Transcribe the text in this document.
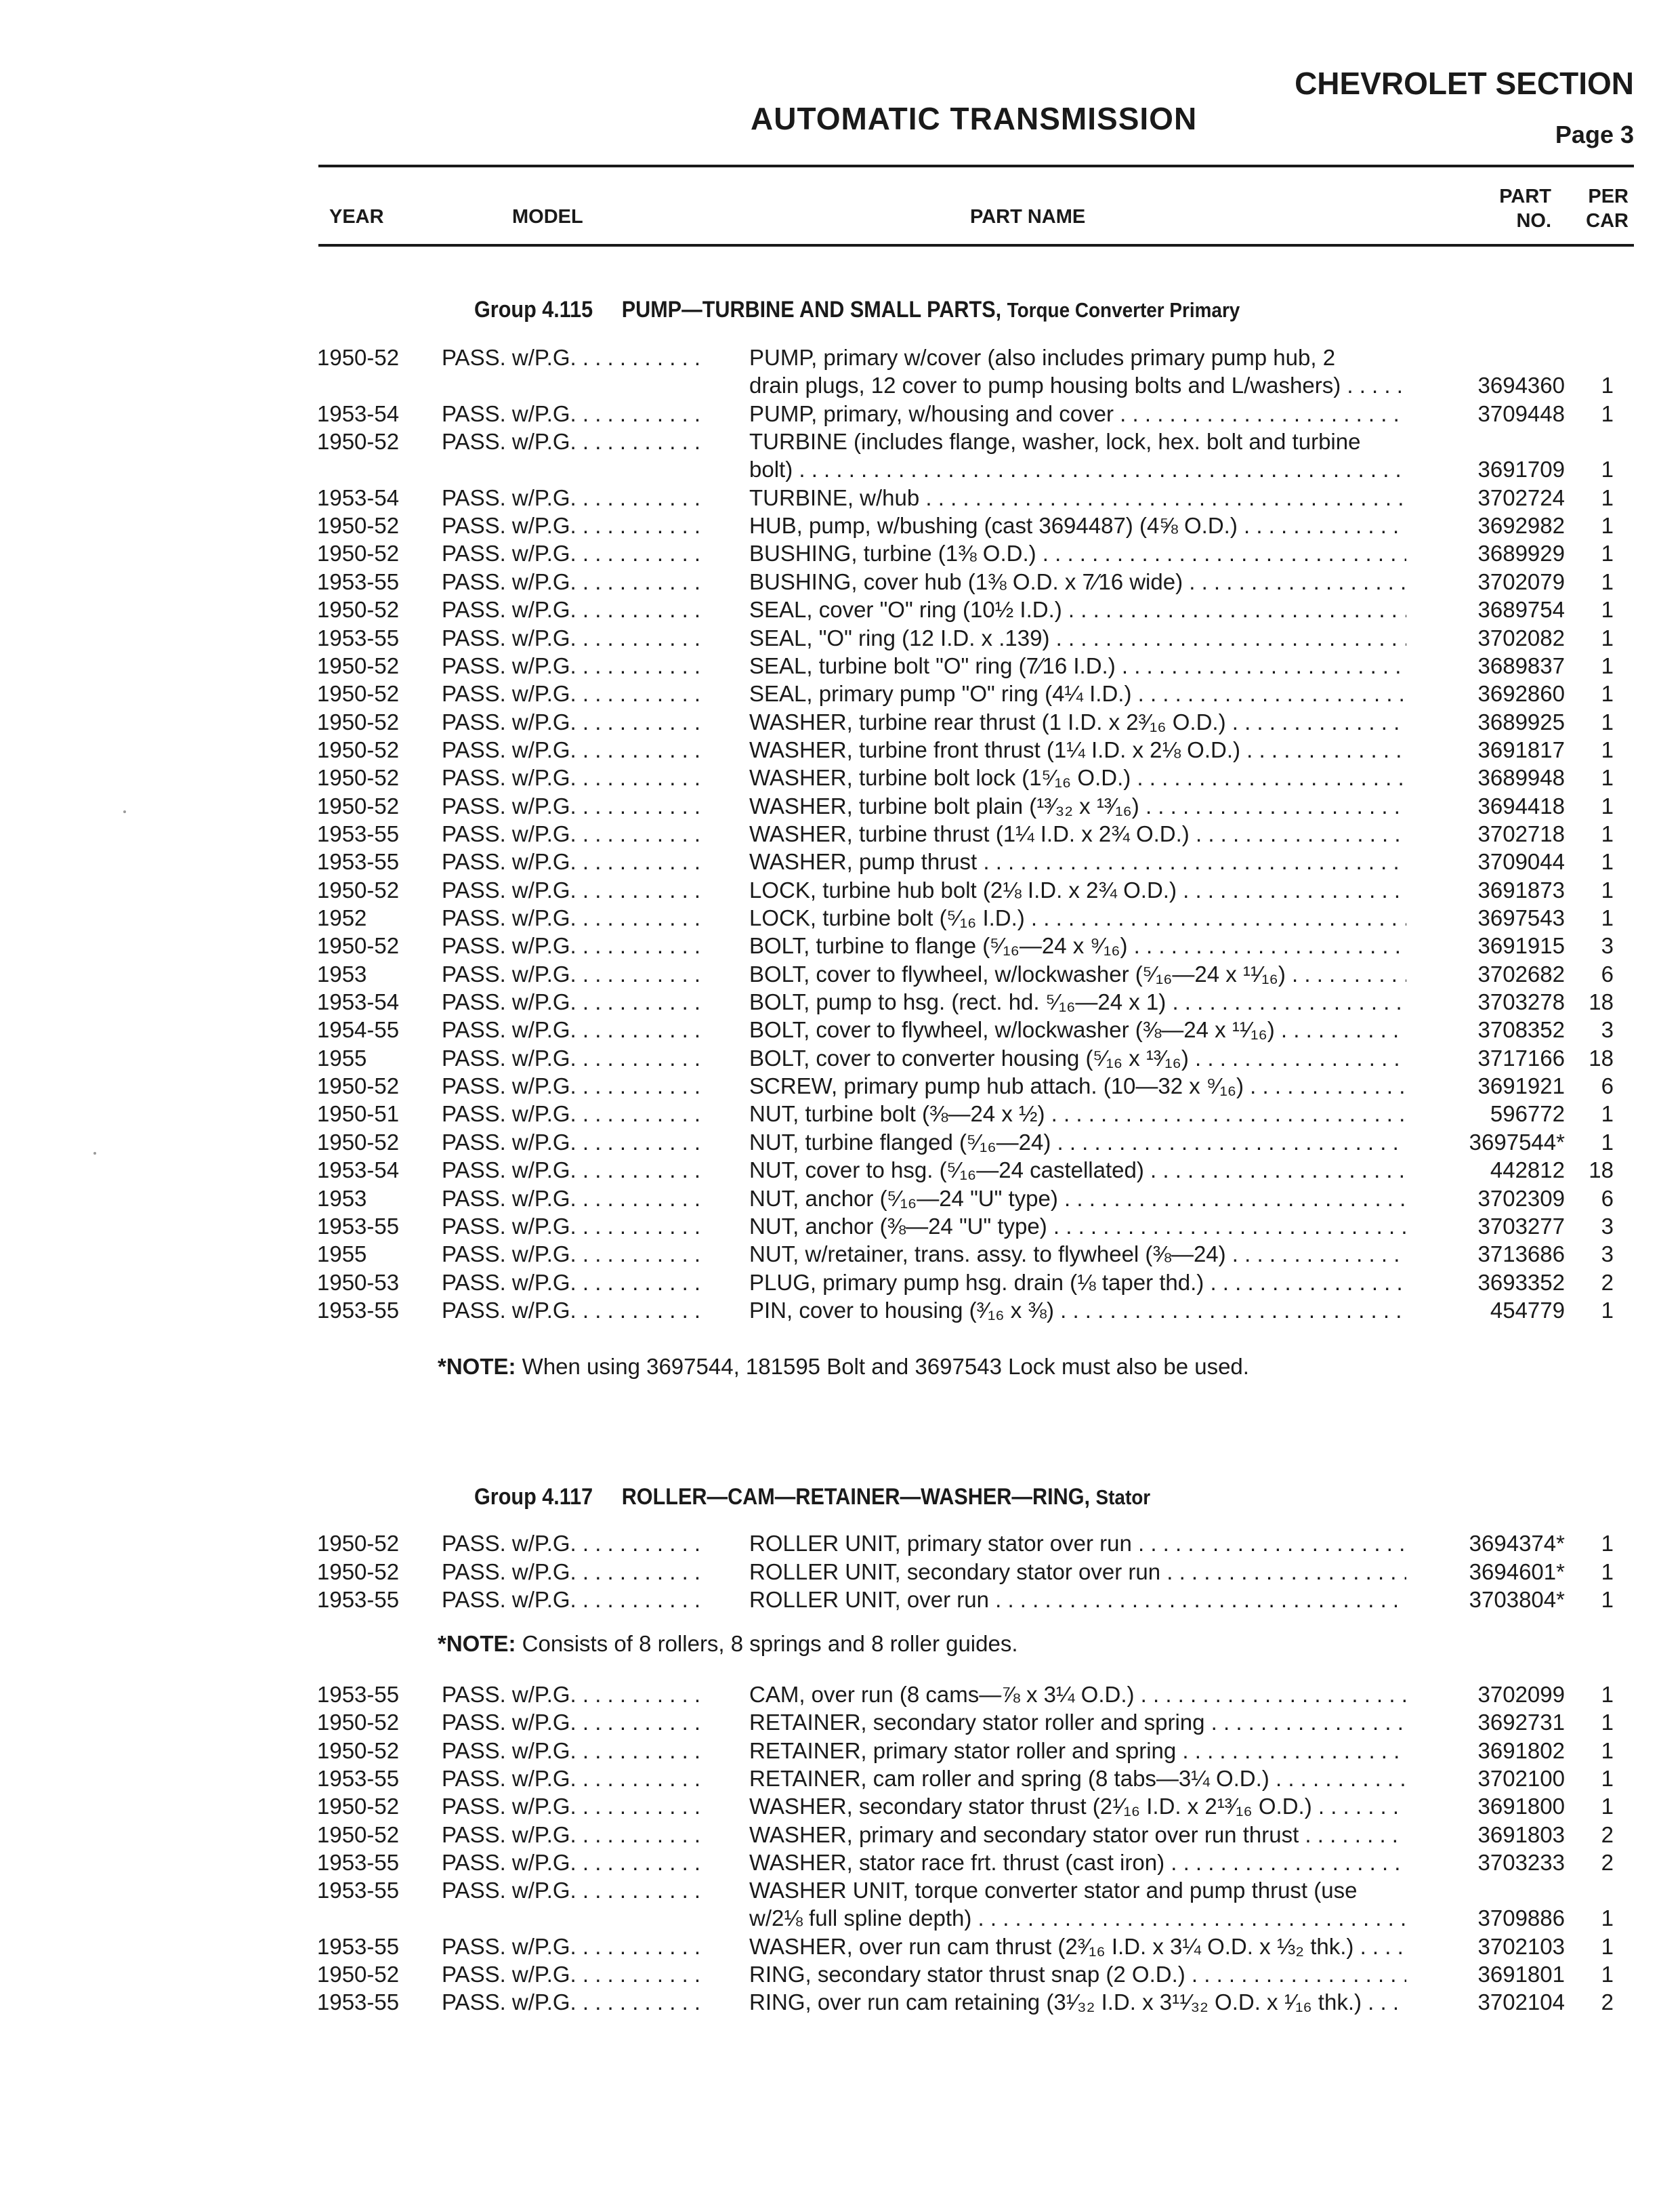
AUTOMATIC TRANSMISSION
CHEVROLET SECTION
Page 3
YEAR	MODEL	PART NAME
PART
NO.
PER
CAR
Group 4.115 PUMP—TURBINE AND SMALL PARTS, Torque Converter Primary
1950-52	PASS. w/P.G. . . .	PUMP, primary w/cover (also includes primary pump hub, 2
drain plugs, 12 cover to pump housing bolts and L/washers) . . .	3694360	1
1953-54	PASS. w/P.G. . . .	PUMP, primary, w/housing and cover . . .	3709448	1
1950-52	PASS. w/P.G. . . .	TURBINE (includes flange, washer, lock, hex. bolt and turbine
bolt) . . .	3691709	1
1953-54	PASS. w/P.G. . . .	TURBINE, w/hub . . .	3702724	1
1950-52	PASS. w/P.G. . . .	HUB, pump, w/bushing (cast 3694487) (4⅝ O.D.) . . .	3692982	1
1950-52	PASS. w/P.G. . . .	BUSHING, turbine (1⅜ O.D.) . . .	3689929	1
1953-55	PASS. w/P.G. . . .	BUSHING, cover hub (1⅜ O.D. x 7⁄16 wide) . . .	3702079	1
1950-52	PASS. w/P.G. . . .	SEAL, cover "O" ring (10½ I.D.) . . .	3689754	1
1953-55	PASS. w/P.G. . . .	SEAL, "O" ring (12 I.D. x .139) . . .	3702082	1
1950-52	PASS. w/P.G. . . .	SEAL, turbine bolt "O" ring (7⁄16 I.D.) . . .	3689837	1
1950-52	PASS. w/P.G. . . .	SEAL, primary pump "O" ring (4¼ I.D.) . . .	3692860	1
1950-52	PASS. w/P.G. . . .	WASHER, turbine rear thrust (1 I.D. x 2³⁄₁₆ O.D.) . . .	3689925	1
1950-52	PASS. w/P.G. . . .	WASHER, turbine front thrust (1¼ I.D. x 2⅛ O.D.) . . .	3691817	1
1950-52	PASS. w/P.G. . . .	WASHER, turbine bolt lock (1⁵⁄₁₆ O.D.) . . .	3689948	1
1950-52	PASS. w/P.G. . . .	WASHER, turbine bolt plain (¹³⁄₃₂ x ¹³⁄₁₆) . . .	3694418	1
1953-55	PASS. w/P.G. . . .	WASHER, turbine thrust (1¼ I.D. x 2¾ O.D.) . . .	3702718	1
1953-55	PASS. w/P.G. . . .	WASHER, pump thrust . . .	3709044	1
1950-52	PASS. w/P.G. . . .	LOCK, turbine hub bolt (2⅛ I.D. x 2¾ O.D.) . . .	3691873	1
1952	PASS. w/P.G. . . .	LOCK, turbine bolt (⁵⁄₁₆ I.D.) . . .	3697543	1
1950-52	PASS. w/P.G. . . .	BOLT, turbine to flange (⁵⁄₁₆—24 x ⁹⁄₁₆) . . .	3691915	3
1953	PASS. w/P.G. . . .	BOLT, cover to flywheel, w/lockwasher (⁵⁄₁₆—24 x ¹¹⁄₁₆) . . .	3702682	6
1953-54	PASS. w/P.G. . . .	BOLT, pump to hsg. (rect. hd. ⁵⁄₁₆—24 x 1) . . .	3703278	18
1954-55	PASS. w/P.G. . . .	BOLT, cover to flywheel, w/lockwasher (⅜—24 x ¹¹⁄₁₆) . . .	3708352	3
1955	PASS. w/P.G. . . .	BOLT, cover to converter housing (⁵⁄₁₆ x ¹³⁄₁₆) . . .	3717166	18
1950-52	PASS. w/P.G. . . .	SCREW, primary pump hub attach. (10—32 x ⁹⁄₁₆) . . .	3691921	6
1950-51	PASS. w/P.G. . . .	NUT, turbine bolt (⅜—24 x ½) . . .	596772	1
1950-52	PASS. w/P.G. . . .	NUT, turbine flanged (⁵⁄₁₆—24) . . .	3697544*	1
1953-54	PASS. w/P.G. . . .	NUT, cover to hsg. (⁵⁄₁₆—24 castellated) . . .	442812	18
1953	PASS. w/P.G. . . .	NUT, anchor (⁵⁄₁₆—24 "U" type) . . .	3702309	6
1953-55	PASS. w/P.G. . . .	NUT, anchor (⅜—24 "U" type) . . .	3703277	3
1955	PASS. w/P.G. . . .	NUT, w/retainer, trans. assy. to flywheel (⅜—24) . . .	3713686	3
1950-53	PASS. w/P.G. . . .	PLUG, primary pump hsg. drain (⅛ taper thd.) . . .	3693352	2
1953-55	PASS. w/P.G. . . .	PIN, cover to housing (³⁄₁₆ x ⅜) . . .	454779	1
*NOTE: When using 3697544, 181595 Bolt and 3697543 Lock must also be used.
Group 4.117 ROLLER—CAM—RETAINER—WASHER—RING, Stator
1950-52	PASS. w/P.G. . . .	ROLLER UNIT, primary stator over run . . .	3694374*	1
1950-52	PASS. w/P.G. . . .	ROLLER UNIT, secondary stator over run . . .	3694601*	1
1953-55	PASS. w/P.G. . . .	ROLLER UNIT, over run . . .	3703804*	1
*NOTE: Consists of 8 rollers, 8 springs and 8 roller guides.
1953-55	PASS. w/P.G. . . .	CAM, over run (8 cams—⅞ x 3¼ O.D.) . . .	3702099	1
1950-52	PASS. w/P.G. . . .	RETAINER, secondary stator roller and spring . . .	3692731	1
1950-52	PASS. w/P.G. . . .	RETAINER, primary stator roller and spring . . .	3691802	1
1953-55	PASS. w/P.G. . . .	RETAINER, cam roller and spring (8 tabs—3¼ O.D.) . . .	3702100	1
1950-52	PASS. w/P.G. . . .	WASHER, secondary stator thrust (2¹⁄₁₆ I.D. x 2¹³⁄₁₆ O.D.) . . .	3691800	1
1950-52	PASS. w/P.G. . . .	WASHER, primary and secondary stator over run thrust . . .	3691803	2
1953-55	PASS. w/P.G. . . .	WASHER, stator race frt. thrust (cast iron) . . .	3703233	2
1953-55	PASS. w/P.G. . . .	WASHER UNIT, torque converter stator and pump thrust (use
w/2⅛ full spline depth) . . .	3709886	1
1953-55	PASS. w/P.G. . . .	WASHER, over run cam thrust (2³⁄₁₆ I.D. x 3¼ O.D. x ⅓₂ thk.) . . .	3702103	1
1950-52	PASS. w/P.G. . . .	RING, secondary stator thrust snap (2 O.D.) . . .	3691801	1
1953-55	PASS. w/P.G. . . .	RING, over run cam retaining (3¹⁄₃₂ I.D. x 3¹¹⁄₃₂ O.D. x ¹⁄₁₆ thk.) . . .	3702104	2
